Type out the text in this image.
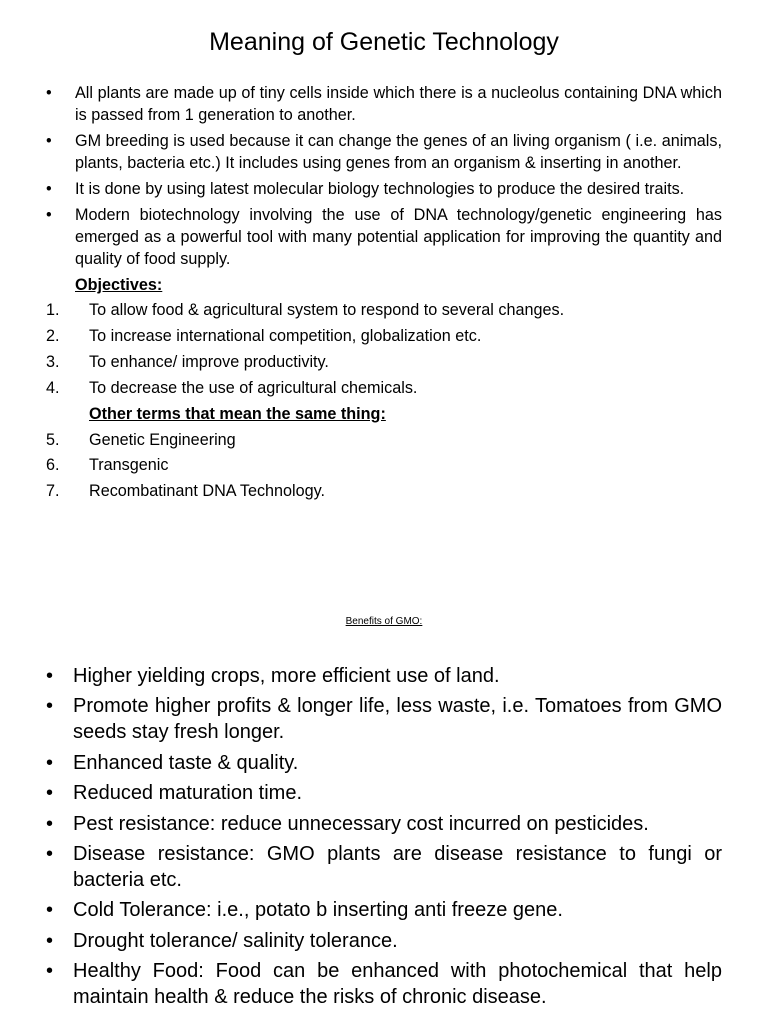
Meaning of Genetic Technology
•	All plants are made up of tiny cells inside which there is a nucleolus containing DNA which is passed from 1 generation to another.
•	GM breeding is used because it can change the genes of an living organism ( i.e. animals, plants, bacteria etc.) It includes using genes from an organism & inserting in another.
•	It is done by using latest molecular biology technologies to produce the desired traits.
•	Modern biotechnology involving the use of DNA technology/genetic engineering has emerged as a powerful tool with many potential application for improving the quantity and quality of food supply.
Objectives:
1.	To allow food & agricultural system to respond to several changes.
2.	To increase international competition, globalization etc.
3.	To enhance/ improve productivity.
4.	To decrease the use of agricultural chemicals.
Other terms that mean the same thing:
5.	Genetic Engineering
6.	Transgenic
7.	Recombatinant DNA Technology.
Benefits of GMO:
• Higher yielding crops, more efficient use of land.
• Promote higher profits & longer life, less waste, i.e. Tomatoes from GMO seeds stay fresh longer.
• Enhanced taste & quality.
• Reduced maturation time.
• Pest resistance: reduce unnecessary cost incurred on pesticides.
• Disease resistance: GMO plants are disease resistance to fungi or bacteria etc.
• Cold Tolerance: i.e., potato b inserting anti freeze gene.
• Drought tolerance/ salinity tolerance.
• Healthy Food: Food can be enhanced with photochemical that help maintain health & reduce the risks of chronic disease.
